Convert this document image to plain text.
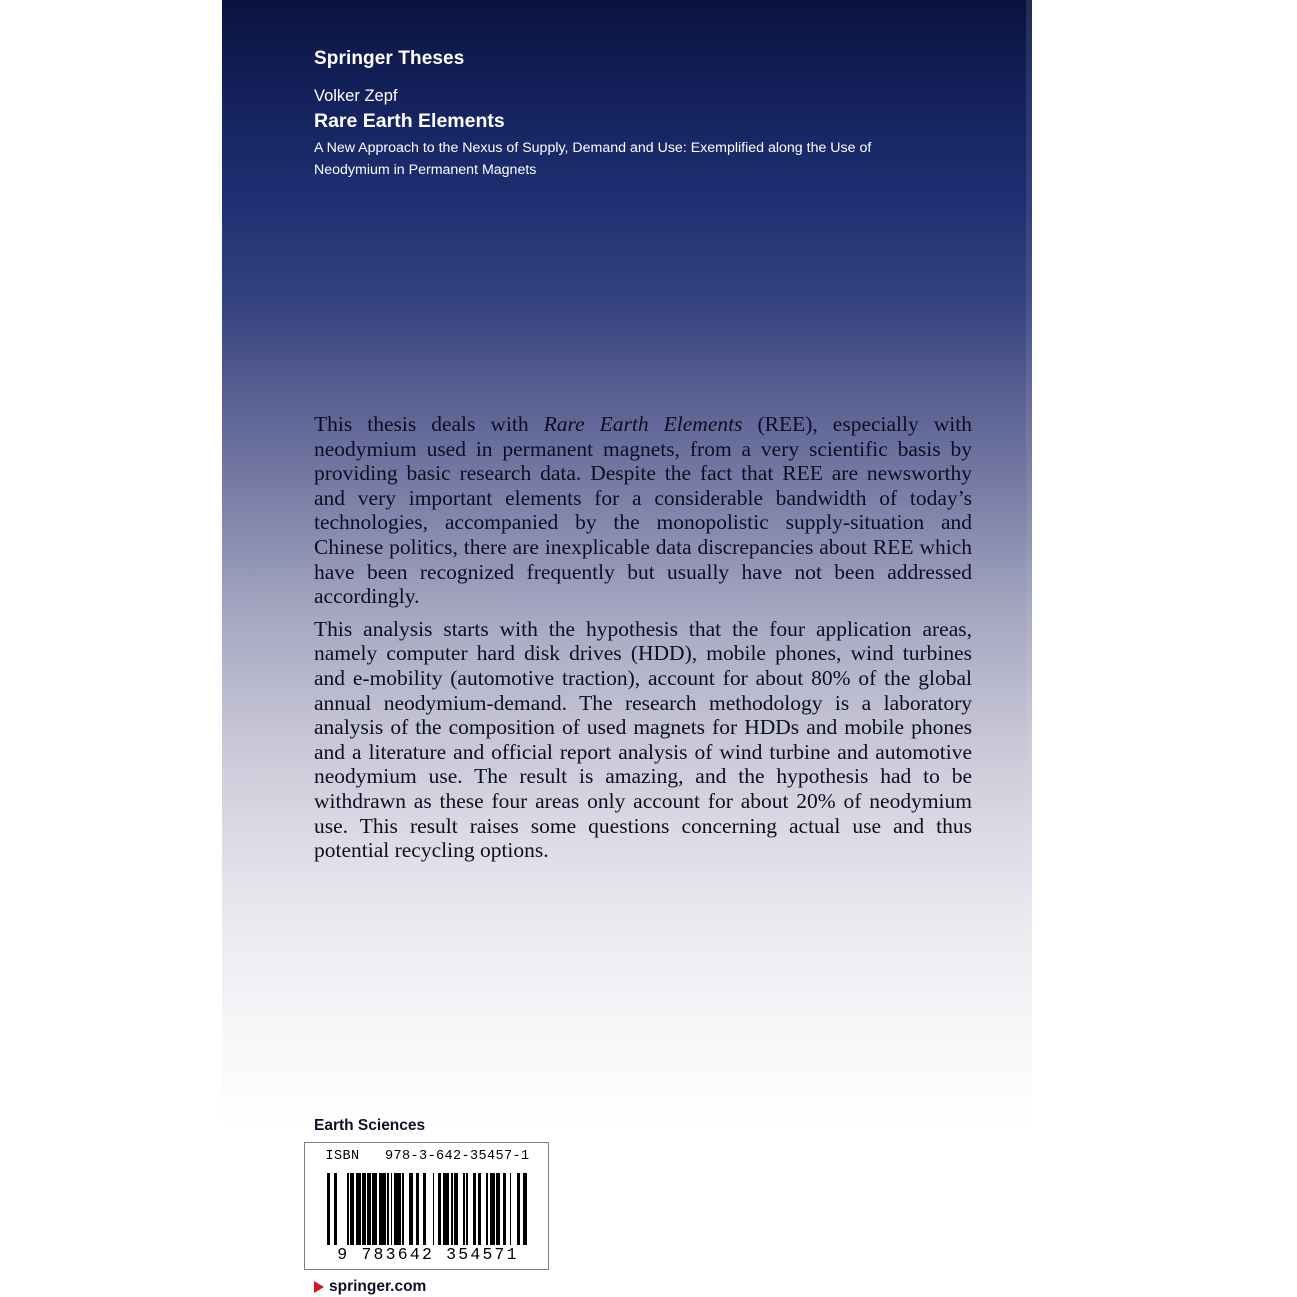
Springer Theses
Volker Zepf
Rare Earth Elements
A New Approach to the Nexus of Supply, Demand and Use: Exemplified along the Use of Neodymium in Permanent Magnets

This thesis deals with Rare Earth Elements (REE), especially with neodymium used in permanent magnets, from a very scientific basis by providing basic research data. Despite the fact that REE are newsworthy and very important elements for a considerable bandwidth of today’s technologies, accompanied by the monopolistic supply-situation and Chinese politics, there are inexplicable data discrepancies about REE which have been recognized frequently but usually have not been addressed accordingly.

This analysis starts with the hypothesis that the four application areas, namely computer hard disk drives (HDD), mobile phones, wind turbines and e-mobility (automotive traction), account for about 80% of the global annual neodymium-demand. The research methodology is a laboratory analysis of the composition of used magnets for HDDs and mobile phones and a literature and official report analysis of wind turbine and automotive neodymium use. The result is amazing, and the hypothesis had to be withdrawn as these four areas only account for about 20% of neodymium use. This result raises some questions concerning actual use and thus potential recycling options.

Earth Sciences
ISBN 978-3-642-35457-1
9 783642 354571
springer.com
